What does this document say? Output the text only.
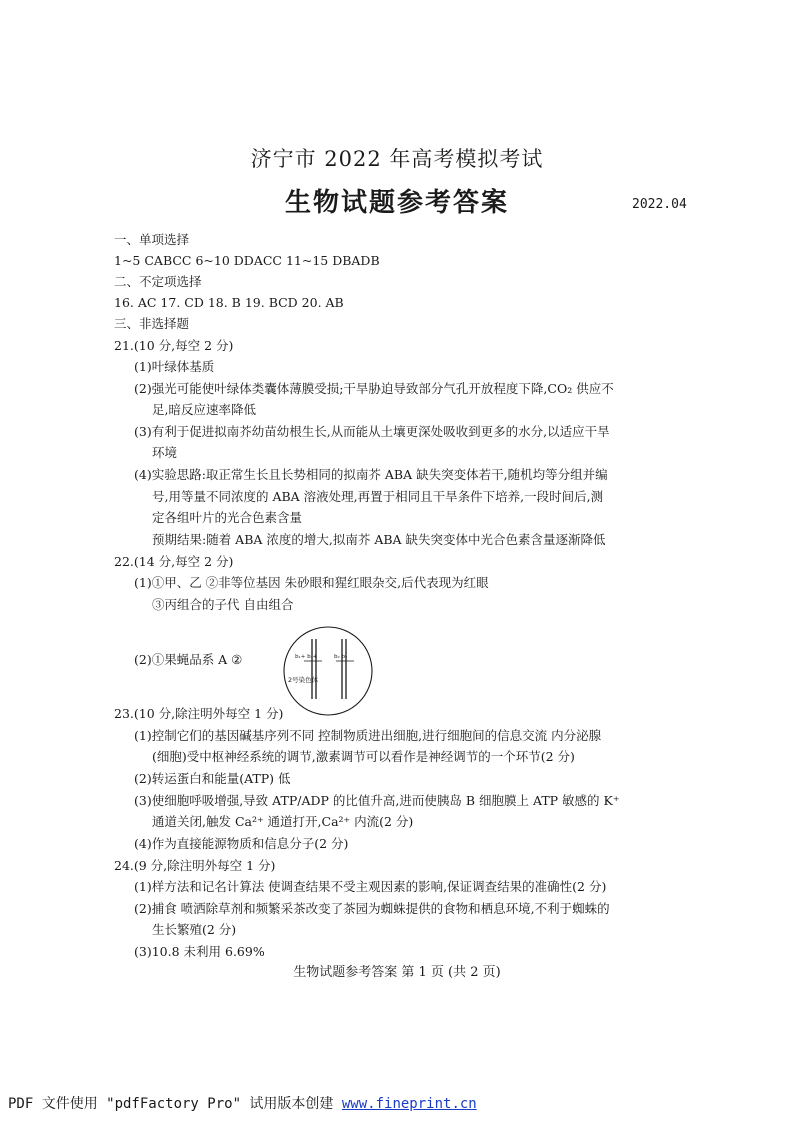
济宁市 2022 年高考模拟考试
生物试题参考答案	2022.04
一、单项选择
1~5 CABCC 6~10 DDACC 11~15 DBADB
二、不定项选择
16. AC 17. CD 18. B 19. BCD 20. AB
三、非选择题
21.(10 分,每空 2 分)
(1)叶绿体基质
(2)强光可能使叶绿体类囊体薄膜受损;干旱胁迫导致部分气孔开放程度下降,CO₂ 供应不
足,暗反应速率降低
(3)有利于促进拟南芥幼苗幼根生长,从而能从土壤更深处吸收到更多的水分,以适应干旱
环境
(4)实验思路:取正常生长且长势相同的拟南芥 ABA 缺失突变体若干,随机均等分组并编
号,用等量不同浓度的 ABA 溶液处理,再置于相同且干旱条件下培养,一段时间后,测
定各组叶片的光合色素含量
预期结果:随着 ABA 浓度的增大,拟南芥 ABA 缺失突变体中光合色素含量逐渐降低
22.(14 分,每空 2 分)
(1)①甲、乙 ②非等位基因 朱砂眼和猩红眼杂交,后代表现为红眼
③丙组合的子代 自由组合
(2)①果蝇品系 A ②	b₁+ b₁+	b₂ b₂
2号染色体
23.(10 分,除注明外每空 1 分)
(1)控制它们的基因碱基序列不同 控制物质进出细胞,进行细胞间的信息交流 内分泌腺
(细胞)受中枢神经系统的调节,激素调节可以看作是神经调节的一个环节(2 分)
(2)转运蛋白和能量(ATP) 低
(3)使细胞呼吸增强,导致 ATP/ADP 的比值升高,进而使胰岛 B 细胞膜上 ATP 敏感的 K⁺
通道关闭,触发 Ca²⁺ 通道打开,Ca²⁺ 内流(2 分)
(4)作为直接能源物质和信息分子(2 分)
24.(9 分,除注明外每空 1 分)
(1)样方法和记名计算法 使调查结果不受主观因素的影响,保证调查结果的准确性(2 分)
(2)捕食 喷洒除草剂和频繁采茶改变了茶园为蜘蛛提供的食物和栖息环境,不利于蜘蛛的
生长繁殖(2 分)
(3)10.8 未利用 6.69%
生物试题参考答案 第 1 页 (共 2 页)
PDF 文件使用 "pdfFactory Pro" 试用版本创建 www.fineprint.cn
